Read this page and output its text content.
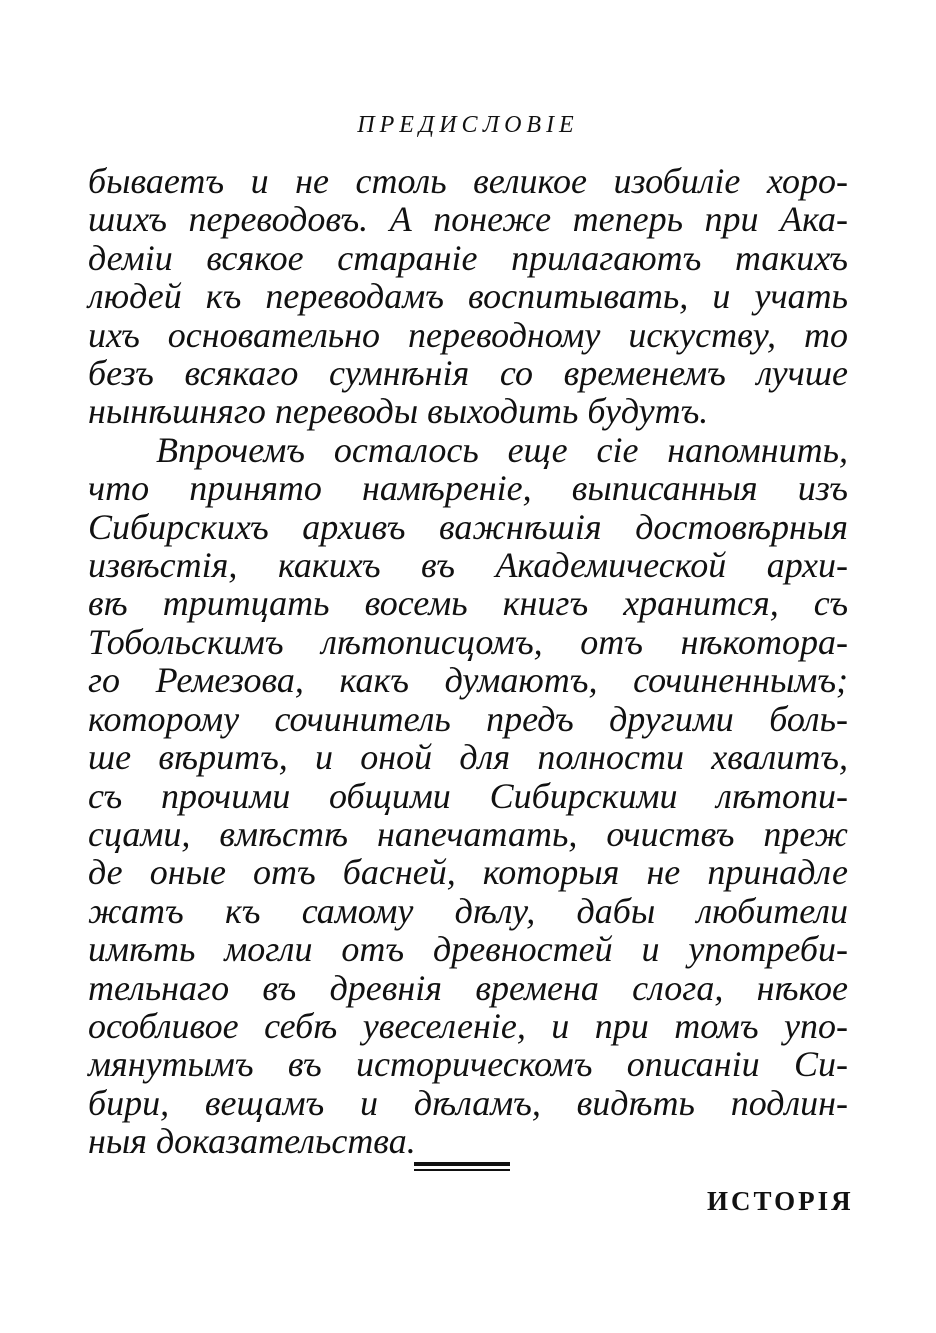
ПРЕДИСЛОВІЕ
бываетъ и не столь великое изобиліе хоро-
шихъ переводовъ. А понеже теперь при Ака-
деміи всякое стараніе прилагаютъ такихъ
людей къ переводамъ воспитывать, и учать
ихъ основательно переводному искуству, то
безъ всякаго сумнѣнія со временемъ лучше
нынѣшняго переводы выходить будутъ.
Впрочемъ осталось еще сіе напомнить,
что принято намѣреніе, выписанныя изъ
Сибирскихъ архивъ важнѣшія достовѣрныя
извѣстія, какихъ въ Академической архи-
вѣ тритцать восемь книгъ хранится, съ
Тобольскимъ лѣтописцомъ, отъ нѣкотора-
го Ремезова, какъ думаютъ, сочиненнымъ;
которому сочинитель предъ другими боль-
ше вѣритъ, и оной для полности хвалитъ,
съ прочими общими Сибирскими лѣтопи-
сцами, вмѣстѣ напечатать, очиствъ преж
де оные отъ басней, которыя не принадле
жатъ къ самому дѣлу, дабы любители
имѣть могли отъ древностей и употреби-
тельнаго въ древнія времена слога, нѣкое
особливое себѣ увеселеніе, и при томъ упо-
мянутымъ въ историческомъ описаніи Си-
бири, вещамъ и дѣламъ, видѣть подлин-
ныя доказательства.
ИСТОРІЯ
